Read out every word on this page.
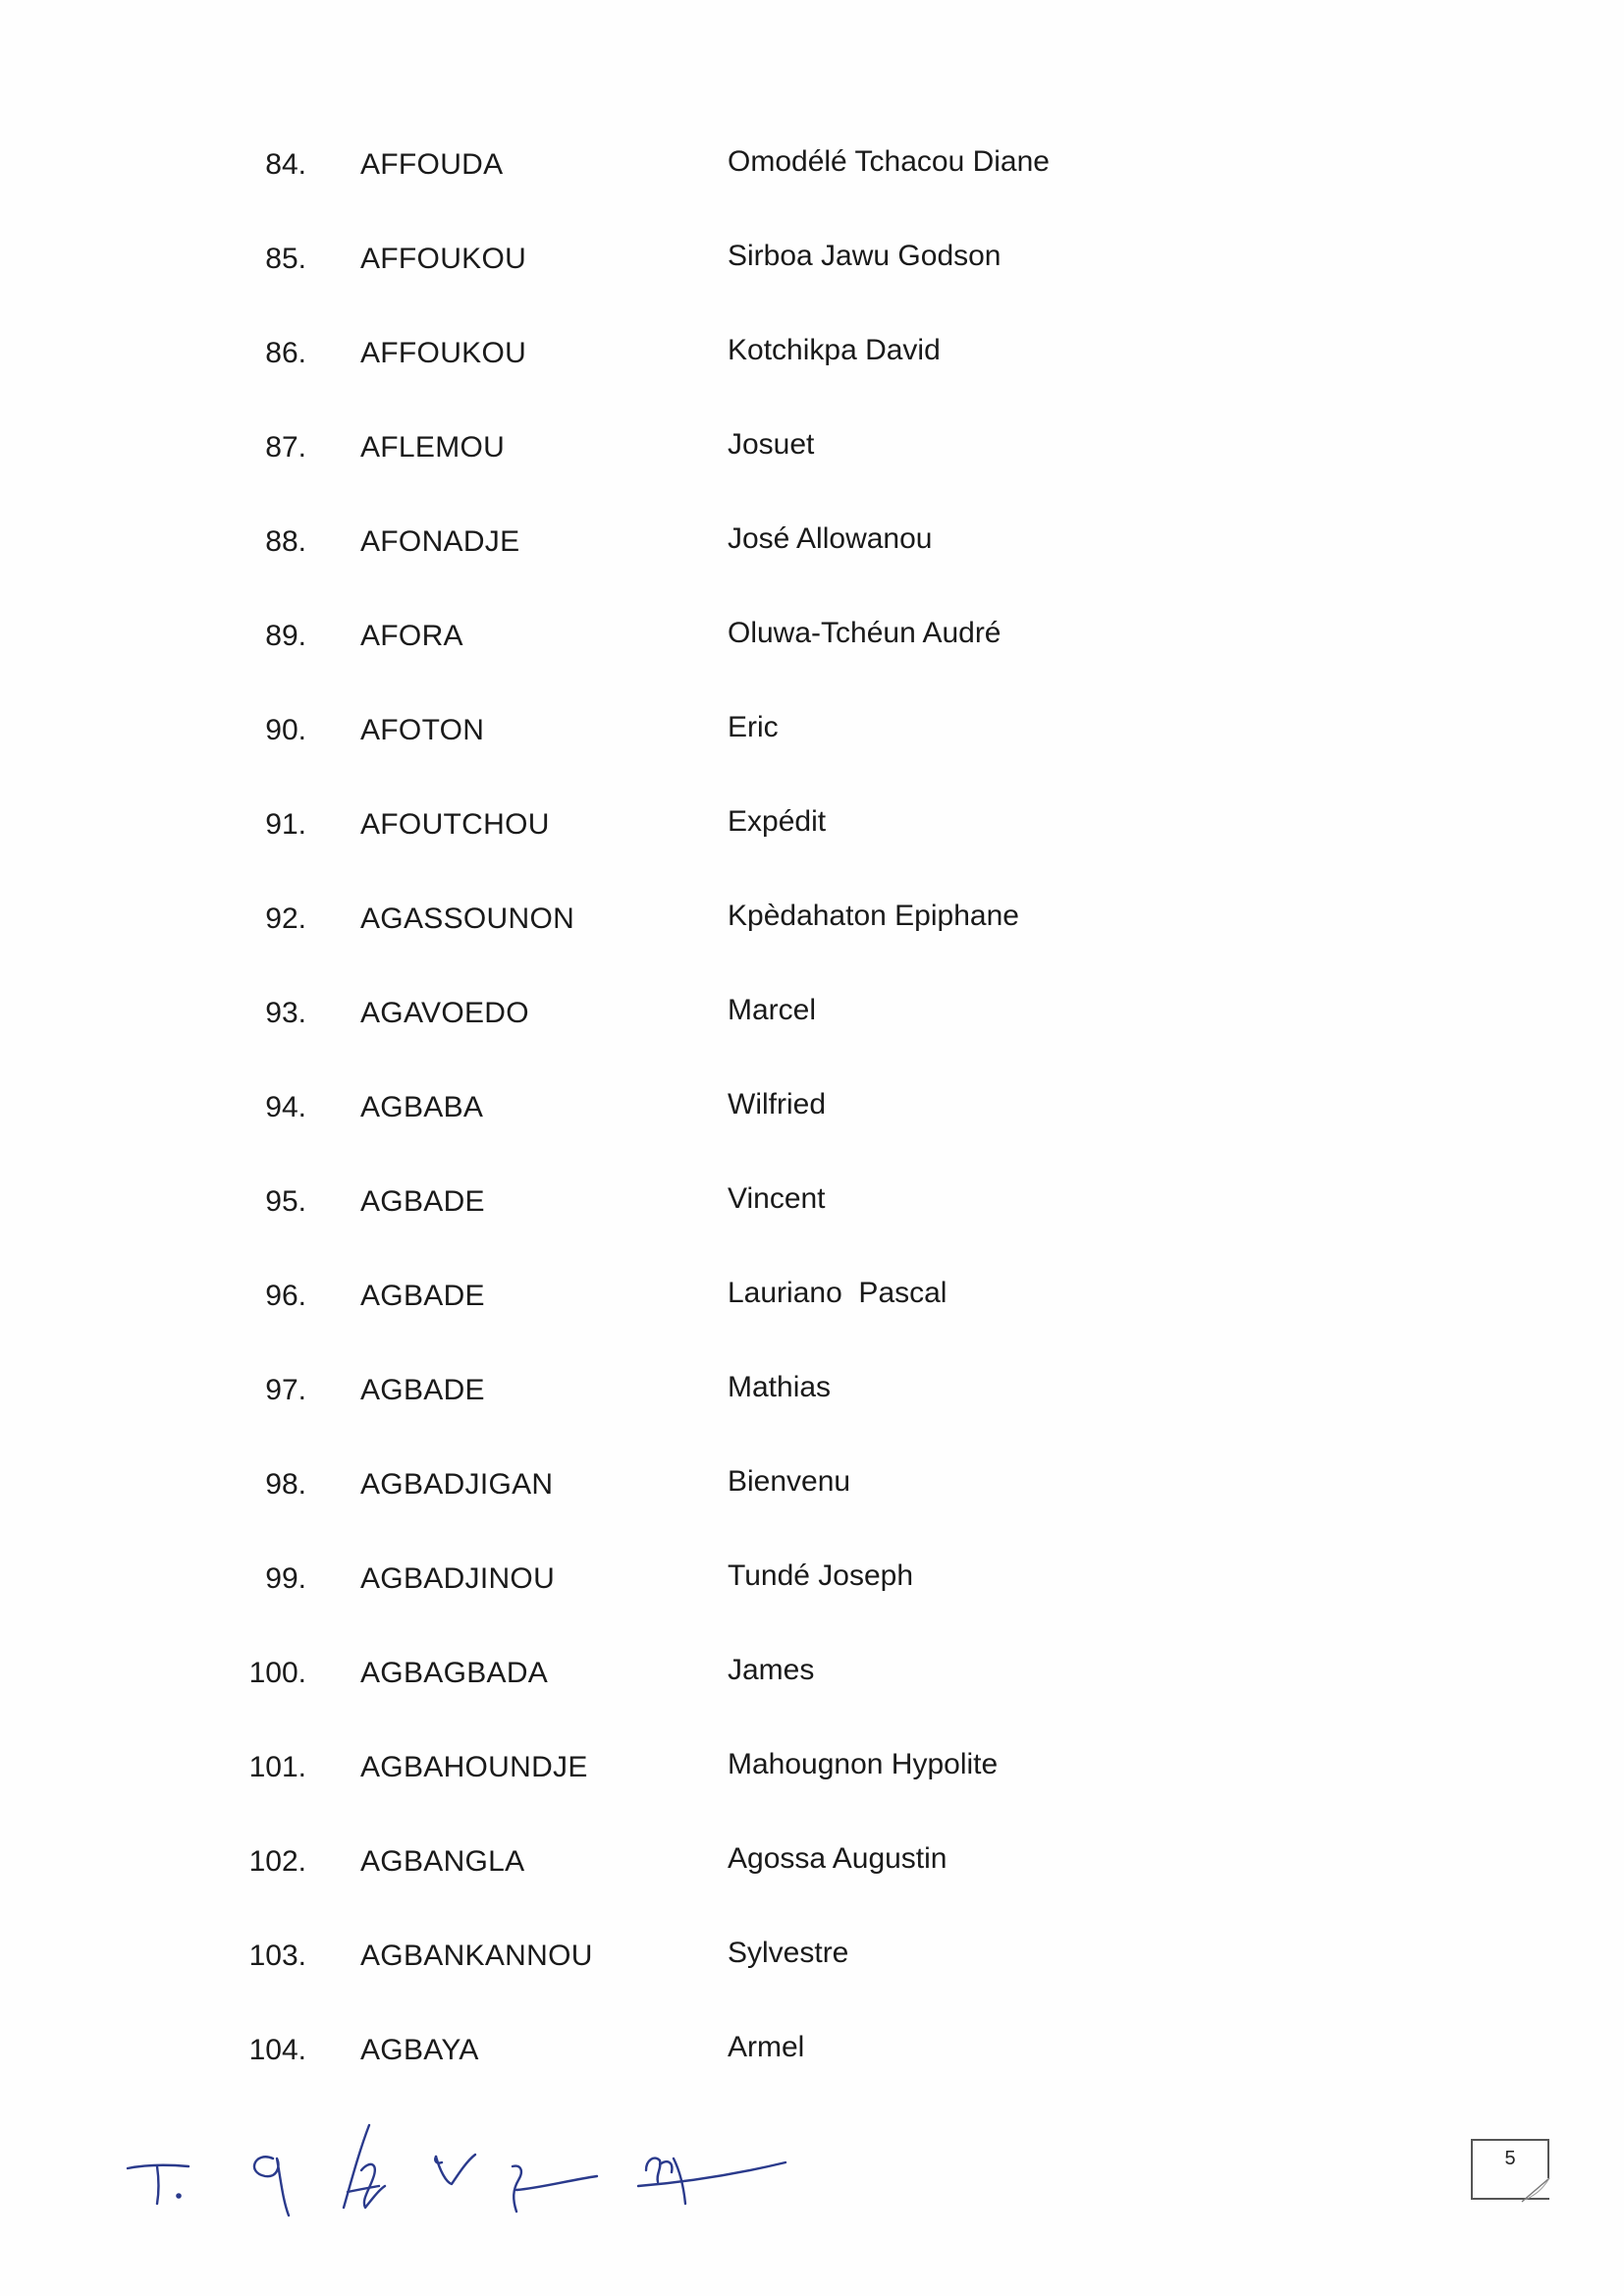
84. AFFOUDA	Omodélé Tchacou Diane
85. AFFOUKOU	Sirboa Jawu Godson
86. AFFOUKOU	Kotchikpa David
87. AFLEMOU	Josuet
88. AFONADJE	José Allowanou
89. AFORA	Oluwa-Tchéun Audré
90. AFOTON	Eric
91. AFOUTCHOU	Expédit
92. AGASSOUNON	Kpèdahaton Epiphane
93. AGAVOEDO	Marcel
94. AGBABA	Wilfried
95. AGBADE	Vincent
96. AGBADE	Lauriano  Pascal
97. AGBADE	Mathias
98. AGBADJIGAN	Bienvenu
99. AGBADJINOU	Tundé Joseph
100. AGBAGBADA	James
101. AGBAHOUNDJE	Mahougnon Hypolite
102. AGBANGLA	Agossa Augustin
103. AGBANKANNOU	Sylvestre
104. AGBAYA	Armel
5
